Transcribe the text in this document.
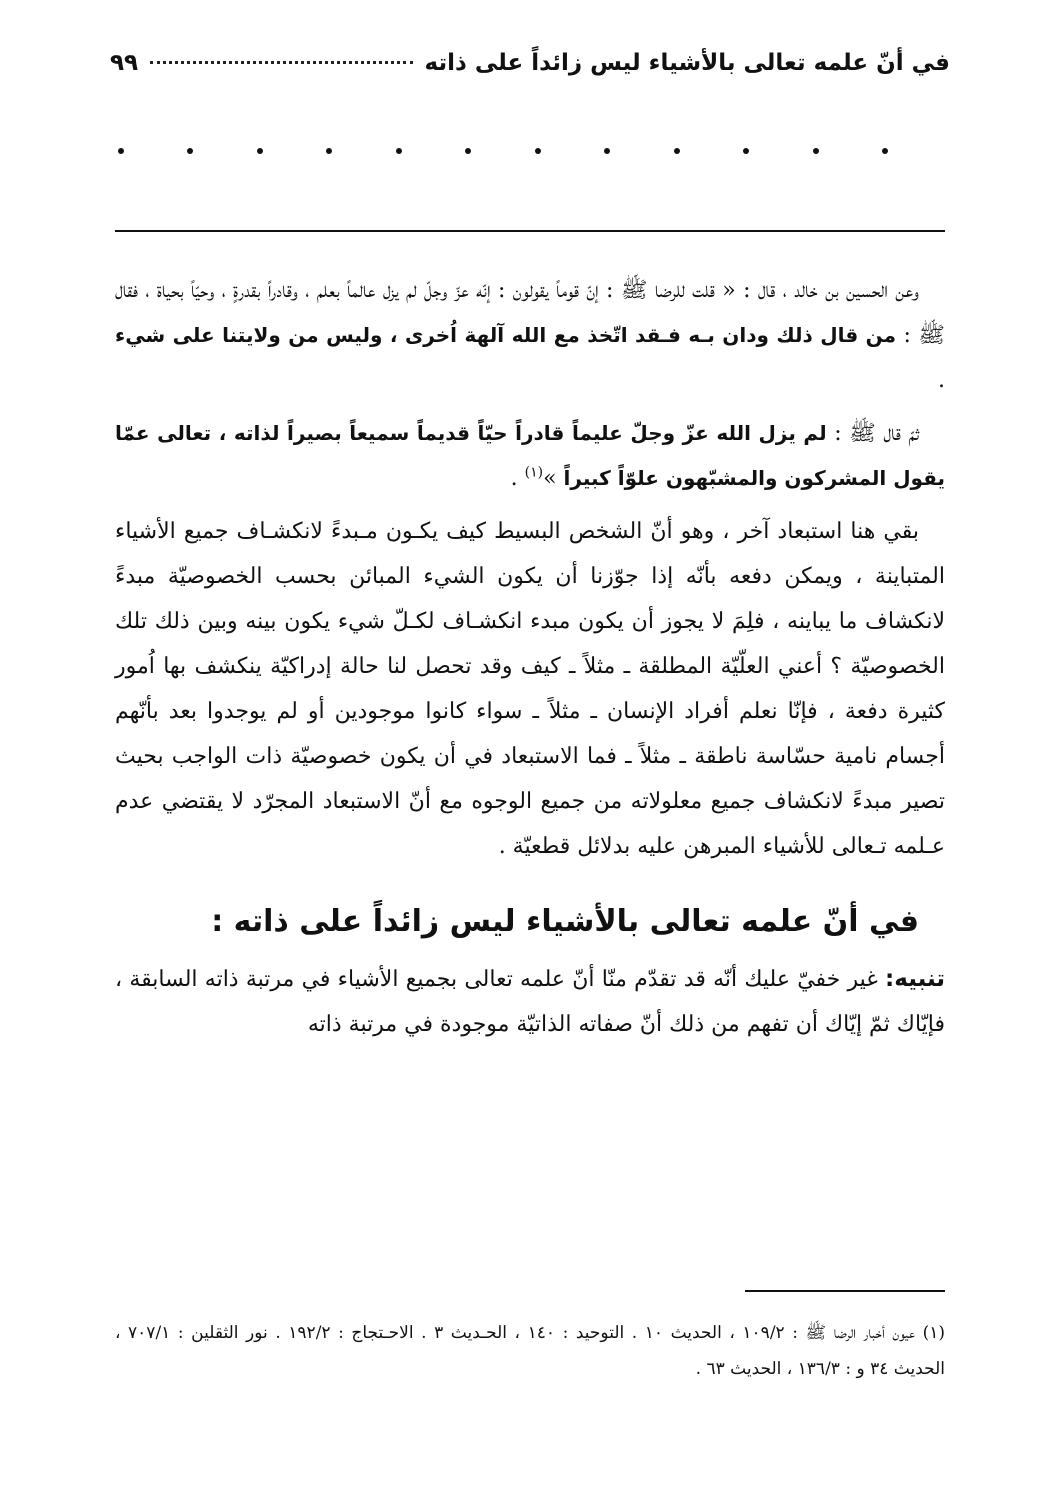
في أنّ علمه تعالى بالأشياء ليس زائداً على ذاته
٩٩

وعن الحسين بن خالد ، قال : « قلت للرضا ﷺ : إنّ قوماً يقولون : إنّه عزّ وجلّ لم يزل عالماً بعلم ، وقادراً بقدرةٍ ، وحيّاً بحياة ، فقال ﷺ : من قال ذلك ودان بـه فـقد اتّخذ مع الله آلهة اُخرى ، وليس من ولايتنا على شيء .

ثمّ قال ﷺ : لم يزل الله عزّ وجلّ عليماً قادراً حيّاً قديماً سميعاً بصيراً لذاته ، تعالى عمّا يقول المشركون والمشبّهون علوّاً كبيراً »$^{(١)}$ .

بقي هنا استبعاد آخر ، وهو أنّ الشخص البسيط كيف يكـون مـبدءً لانكشـاف جميع الأشياء المتباينة ، ويمكن دفعه بأنّه إذا جوّزنا أن يكون الشيء المبائن بحسب الخصوصيّة مبدءً لانكشاف ما يباينه ، فلِمَ لا يجوز أن يكون مبدء انكشـاف لكـلّ شيء يكون بينه وبين ذلك تلك الخصوصيّة ؟ أعني العلّيّة المطلقة ـ مثلاً ـ كيف وقد تحصل لنا حالة إدراكيّة ينكشف بها اُمور كثيرة دفعة ، فإنّا نعلم أفراد الإنسان ـ مثلاً ـ سواء كانوا موجودين أو لم يوجدوا بعد بأنّهم أجسام نامية حسّاسة ناطقة ـ مثلاً ـ فما الاستبعاد في أن يكون خصوصيّة ذات الواجب بحيث تصير مبدءً لانكشاف جميع معلولاته من جميع الوجوه مع أنّ الاستبعاد المجرّد لا يقتضي عدم عـلمه تـعالى للأشياء المبرهن عليه بدلائل قطعيّة .

في أنّ علمه تعالى بالأشياء ليس زائداً على ذاته :

تنبيه: غير خفيّ عليك أنّه قد تقدّم منّا أنّ علمه تعالى بجميع الأشياء في مرتبة ذاته السابقة ، فإيّاك ثمّ إيّاك أن تفهم من ذلك أنّ صفاته الذاتيّة موجودة في مرتبة ذاته

(١) عيون أخبار الرضا ﷺ : ١٠٩/٢ ، الحديث ١٠ . التوحيد : ١٤٠ ، الحـديث ٣ . الاحـتجاج : ١٩٢/٢ . نور الثقلين : ٧٠٧/١ ، الحديث ٣٤ و : ١٣٦/٣ ، الحديث ٦٣ .
